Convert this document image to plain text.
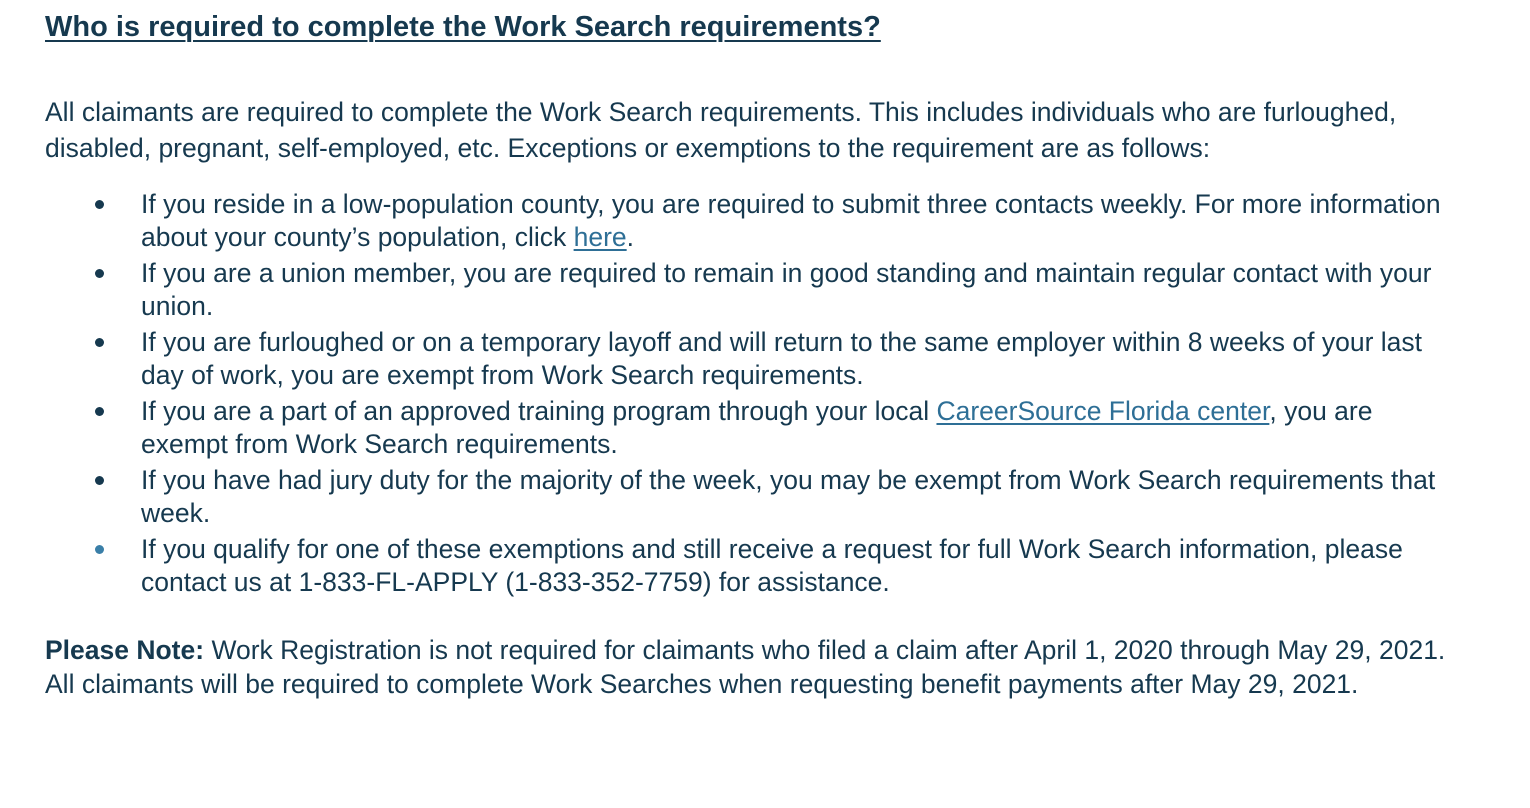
Who is required to complete the Work Search requirements?

All claimants are required to complete the Work Search requirements. This includes individuals who are furloughed, disabled, pregnant, self-employed, etc. Exceptions or exemptions to the requirement are as follows:

If you reside in a low-population county, you are required to submit three contacts weekly. For more information about your county’s population, click here.
If you are a union member, you are required to remain in good standing and maintain regular contact with your union.
If you are furloughed or on a temporary layoff and will return to the same employer within 8 weeks of your last day of work, you are exempt from Work Search requirements.
If you are a part of an approved training program through your local CareerSource Florida center, you are exempt from Work Search requirements.
If you have had jury duty for the majority of the week, you may be exempt from Work Search requirements that week.
If you qualify for one of these exemptions and still receive a request for full Work Search information, please contact us at 1-833-FL-APPLY (1-833-352-7759) for assistance.

Please Note: Work Registration is not required for claimants who filed a claim after April 1, 2020 through May 29, 2021. All claimants will be required to complete Work Searches when requesting benefit payments after May 29, 2021.
